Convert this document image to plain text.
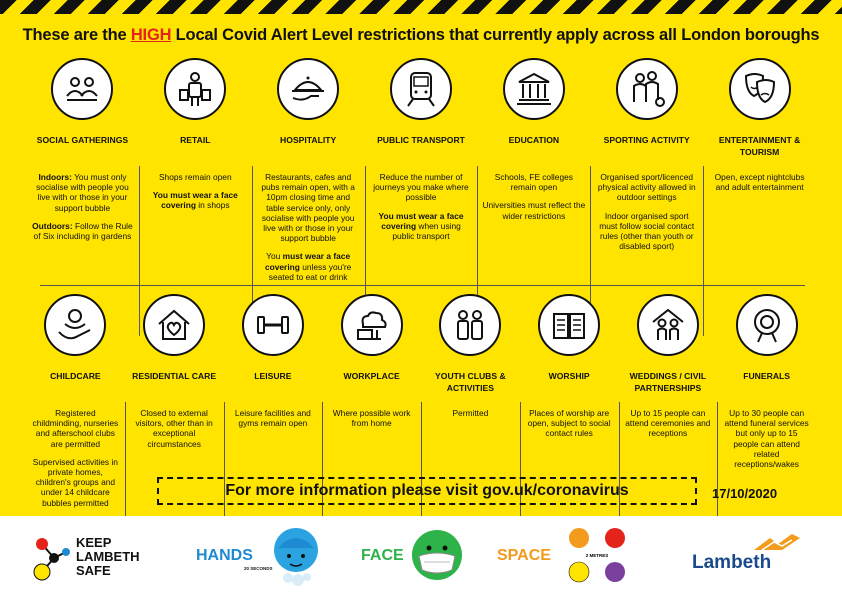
These are the HIGH Local Covid Alert Level restrictions that currently apply across all London boroughs
SOCIAL GATHERINGS

Indoors: You must only socialise with people you live with or those in your support bubble

Outdoors: Follow the Rule of Six including in gardens

RETAIL

Shops remain open

You must wear a face covering in shops

HOSPITALITY

Restaurants, cafes and pubs remain open, with a 10pm closing time and table service only, only socialise with people you live with or those in your support bubble

You must wear a face covering unless you're seated to eat or drink

PUBLIC TRANSPORT

Reduce the number of journeys you make where possible

You must wear a face covering when using public transport

EDUCATION

Schools, FE colleges remain open

Universities must reflect the wider restrictions

SPORTING ACTIVITY

Organised sport/licenced physical activity allowed in outdoor settings

Indoor organised sport must follow social contact rules (other than youth or disabled sport)

ENTERTAINMENT & TOURISM

Open, except nightclubs and adult entertainment

CHILDCARE

Registered childminding, nurseries and afterschool clubs are permitted

Supervised activities in private homes, children's groups and under 14 childcare bubbles permitted

RESIDENTIAL CARE

Closed to external visitors, other than in exceptional circumstances

LEISURE

Leisure facilities and gyms remain open

WORKPLACE

Where possible work from home

YOUTH CLUBS & ACTIVITIES

Permitted

WORSHIP

Places of worship are open, subject to social contact rules

WEDDINGS / CIVIL PARTNERSHIPS

Up to 15 people can attend ceremonies and receptions

FUNERALS

Up to 30 people can attend funeral services but only up to 15 people can attend related receptions/wakes

For more information please visit gov.uk/coronavirus	17/10/2020
KEEP
LAMBETH
SAFE
HANDS
20 SECONDS
FACE	SPACE	2 METRES	Lambeth
